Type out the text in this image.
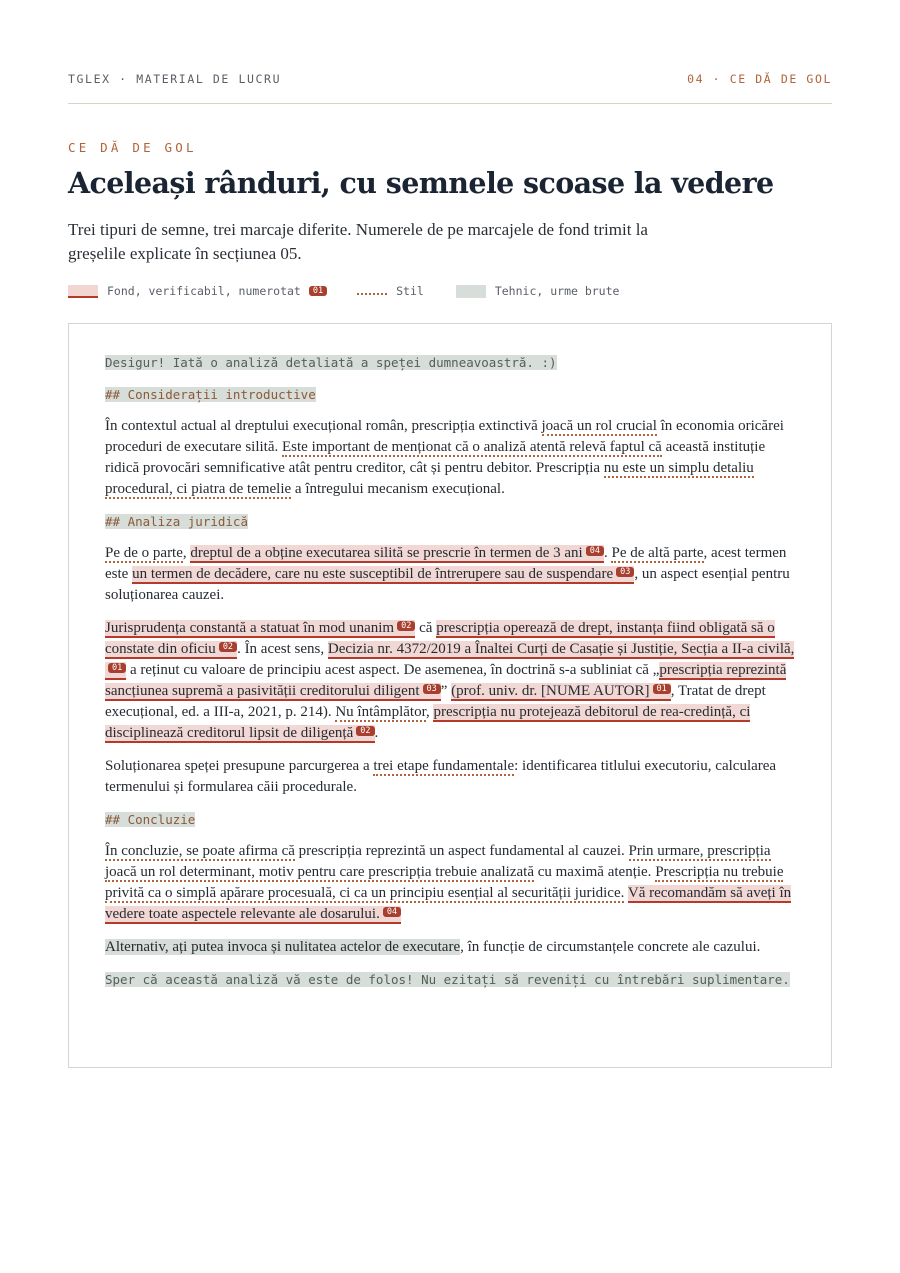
TGLEX · MATERIAL DE LUCRU	04 · CE DĂ DE GOL
CE DĂ DE GOL
Aceleași rânduri, cu semnele scoase la vedere

Trei tipuri de semne, trei marcaje diferite. Numerele de pe marcajele de fond trimit la greșelile explicate în secțiunea 05.

Fond, verificabil, numerotat	01	Stil	Tehnic, urme brute

Desigur! Iată o analiză detaliată a speței dumneavoastră. :)

## Considerații introductive

În contextul actual al dreptului execuțional român, prescripția extinctivă joacă un rol crucial în economia oricărei proceduri de executare silită. Este important de menționat că o analiză atentă relevă faptul că această instituție ridică provocări semnificative atât pentru creditor, cât și pentru debitor. Prescripția nu este un simplu detaliu procedural, ci piatra de temelie a întregului mecanism execuțional.

## Analiza juridică

Pe de o parte, dreptul de a obține executarea silită se prescrie în termen de 3 ani 04 . Pe de altă parte, acest termen este un termen de decădere, care nu este susceptibil de întrerupere sau de suspendare 03 , un aspect esențial pentru soluționarea cauzei.

Jurisprudența constantă a statuat în mod unanim 02 că prescripția operează de drept, instanța fiind obligată să o constate din oficiu 02 . În acest sens, Decizia nr. 4372/2019 a Înaltei Curți de Casație și Justiție, Secția a II-a civilă,01 a reținut cu valoare de principiu acest aspect. De asemenea, în doctrină s-a subliniat că „prescripția reprezintă sancțiunea supremă a pasivității creditorului diligent 03 ” (prof. univ. dr. [NUME AUTOR] 01 , Tratat de drept execuțional, ed. a III-a, 2021, p. 214). Nu întâmplător, prescripția nu protejează debitorul de rea-credință, ci disciplinează creditorul lipsit de diligență 02 .

Soluționarea speței presupune parcurgerea a trei etape fundamentale: identificarea titlului executoriu, calcularea termenului și formularea căii procedurale.

## Concluzie

În concluzie, se poate afirma că prescripția reprezintă un aspect fundamental al cauzei. Prin urmare, prescripția joacă un rol determinant, motiv pentru care prescripția trebuie analizată cu maximă atenție. Prescripția nu trebuie privită ca o simplă apărare procesuală, ci ca un principiu esențial al securității juridice. Vă recomandăm să aveți în vedere toate aspectele relevante ale dosarului. 04

Alternativ, ați putea invoca și nulitatea actelor de executare, în funcție de circumstanțele concrete ale cazului.

Sper că această analiză vă este de folos! Nu ezitați să reveniți cu întrebări suplimentare.
